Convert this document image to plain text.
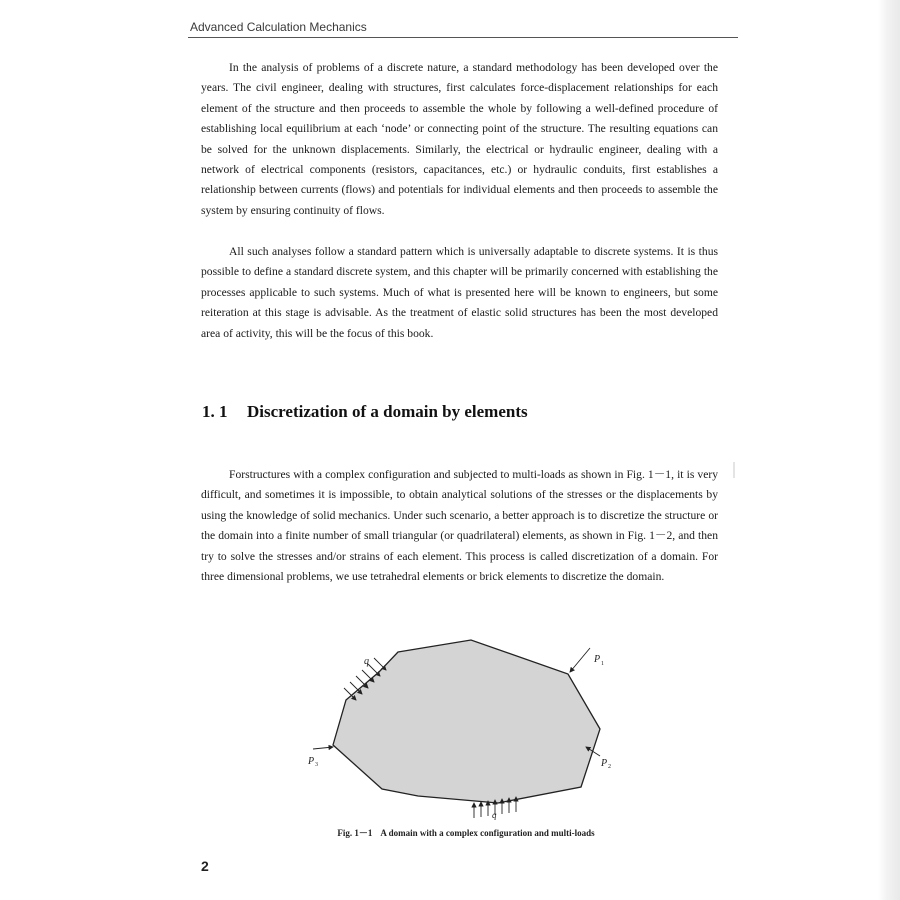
Advanced Calculation Mechanics

In the analysis of problems of a discrete nature, a standard methodology has been developed over the years. The civil engineer, dealing with structures, first calculates force-displacement relationships for each element of the structure and then proceeds to assemble the whole by following a well-defined procedure of establishing local equilibrium at each ‘node’ or connecting point of the structure. The resulting equations can be solved for the unknown displacements. Similarly, the electrical or hydraulic engineer, dealing with a network of electrical components (resistors, capacitances, etc.) or hydraulic conduits, first establishes a relationship between currents (flows) and potentials for individual elements and then proceeds to assemble the system by ensuring continuity of flows.

All such analyses follow a standard pattern which is universally adaptable to discrete systems. It is thus possible to define a standard discrete system, and this chapter will be primarily concerned with establishing the processes applicable to such systems. Much of what is presented here will be known to engineers, but some reiteration at this stage is advisable. As the treatment of elastic solid structures has been the most developed area of activity, this will be the focus of this book.

1. 1 Discretization of a domain by elements

Forstructures with a complex configuration and subjected to multi-loads as shown in Fig. 1－1, it is very difficult, and sometimes it is impossible, to obtain analytical solutions of the stresses or the displacements by using the knowledge of solid mechanics. Under such scenario, a better approach is to discretize the structure or the domain into a finite number of small triangular (or quadrilateral) elements, as shown in Fig. 1－2, and then try to solve the stresses and/or strains of each element. This process is called discretization of a domain. For three dimensional problems, we use tetrahedral elements or brick elements to discretize the domain.

q
q
P 1
P 2
P 3
Fig. 1－1 A domain with a complex configuration and multi-loads
2
